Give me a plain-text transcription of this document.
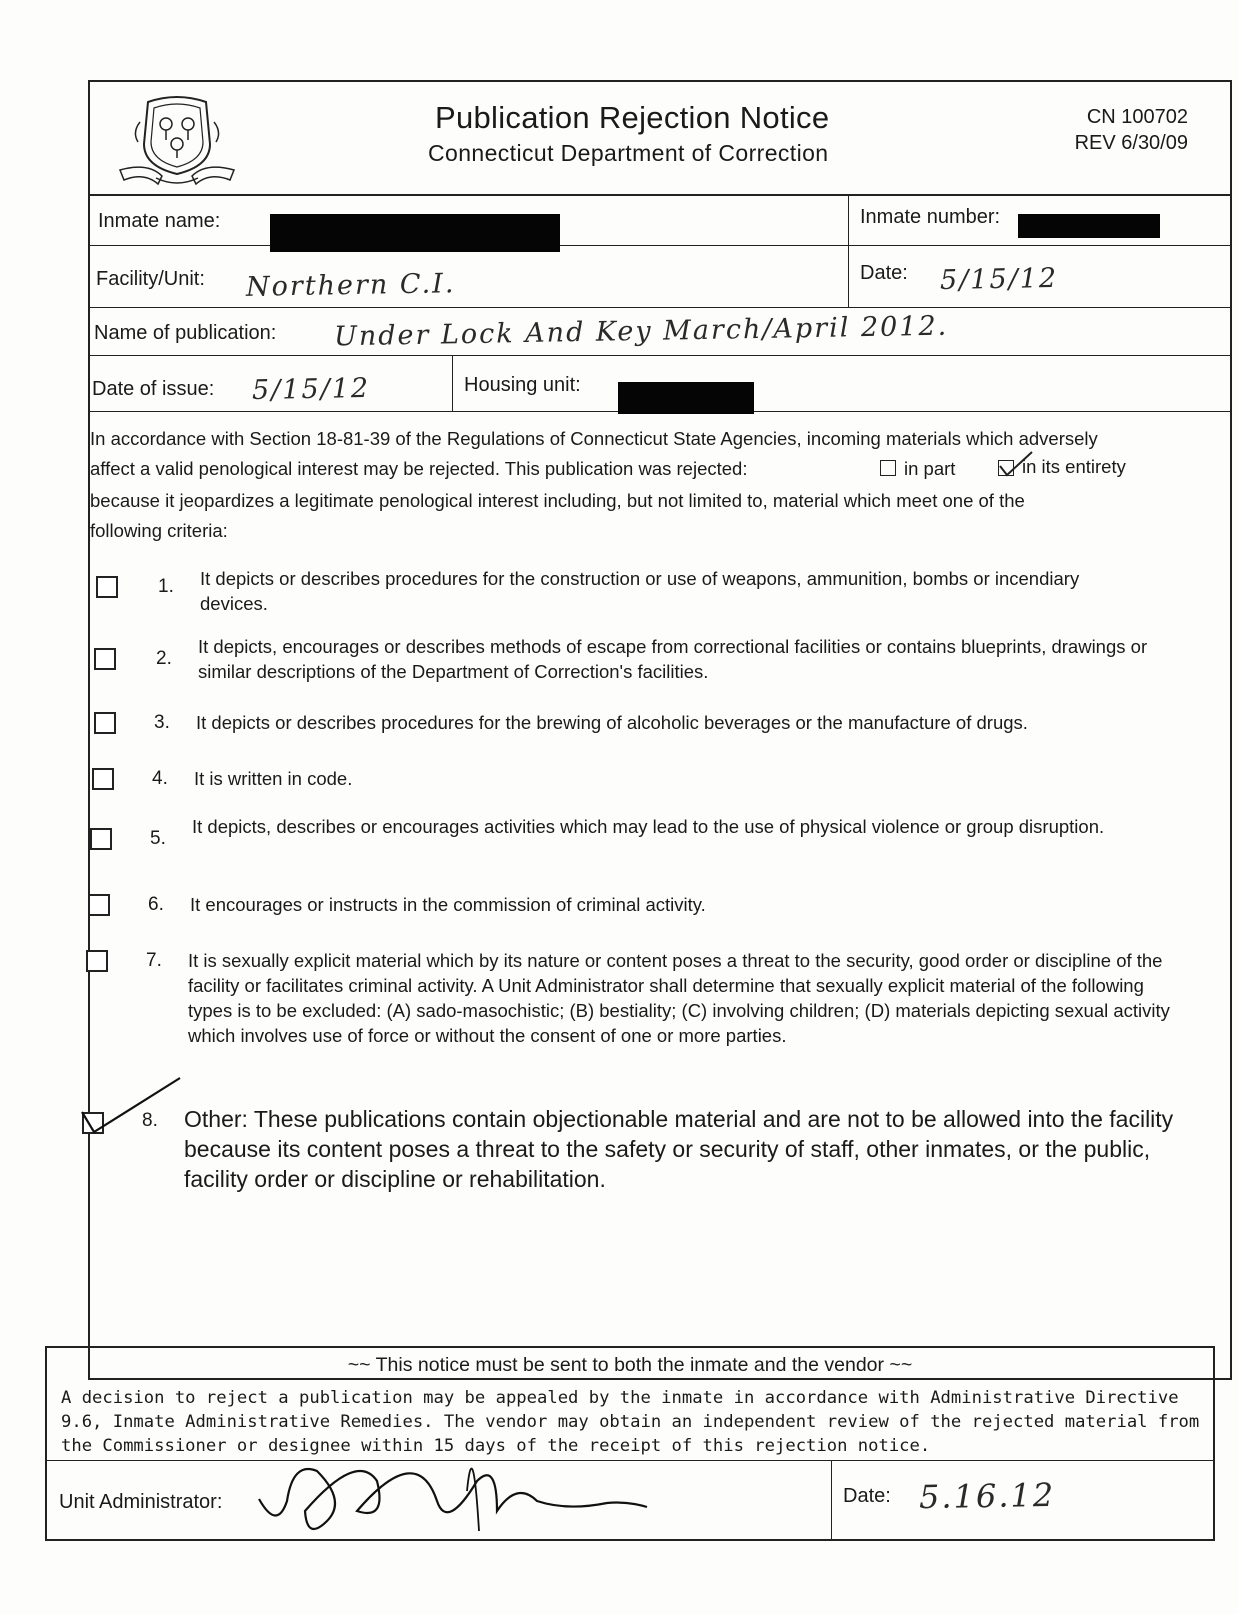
Publication Rejection Notice
Connecticut Department of Correction
CN 100702
REV 6/30/09
Inmate name:	Inmate number:
Facility/Unit: Northern C.I.	Date: 5/15/12
Name of publication: Under Lock And Key March/April 2012.
Date of issue: 5/15/12	Housing unit:
In accordance with Section 18-81-39 of the Regulations of Connecticut State Agencies, incoming materials which adversely
affect a valid penological interest may be rejected. This publication was rejected:	in part	in its entirety
because it jeopardizes a legitimate penological interest including, but not limited to, material which meet one of the
following criteria:
1. It depicts or describes procedures for the construction or use of weapons, ammunition, bombs or incendiary devices.
2.
It depicts, encourages or describes methods of escape from correctional facilities or contains blueprints, drawings or similar descriptions of the Department of Correction's facilities.
3. It depicts or describes procedures for the brewing of alcoholic beverages or the manufacture of drugs.
4. It is written in code.
5.
It depicts, describes or encourages activities which may lead to the use of physical violence or group disruption.
6. It encourages or instructs in the commission of criminal activity.
7. It is sexually explicit material which by its nature or content poses a threat to the security, good order or discipline of the facility or facilitates criminal activity. A Unit Administrator shall determine that sexually explicit material of the following types is to be excluded: (A) sado-masochistic; (B) bestiality; (C) involving children; (D) materials depicting sexual activity which involves use of force or without the consent of one or more parties.
8. Other: These publications contain objectionable material and are not to be allowed into the facility because its content poses a threat to the safety or security of staff, other inmates, or the public, facility order or discipline or rehabilitation.
~~ This notice must be sent to both the inmate and the vendor ~~
A decision to reject a publication may be appealed by the inmate in accordance with Administrative Directive 9.6, Inmate Administrative Remedies. The vendor may obtain an independent review of the rejected material from the Commissioner or designee within 15 days of the receipt of this rejection notice.
Unit Administrator:	Date: 5.16.12
